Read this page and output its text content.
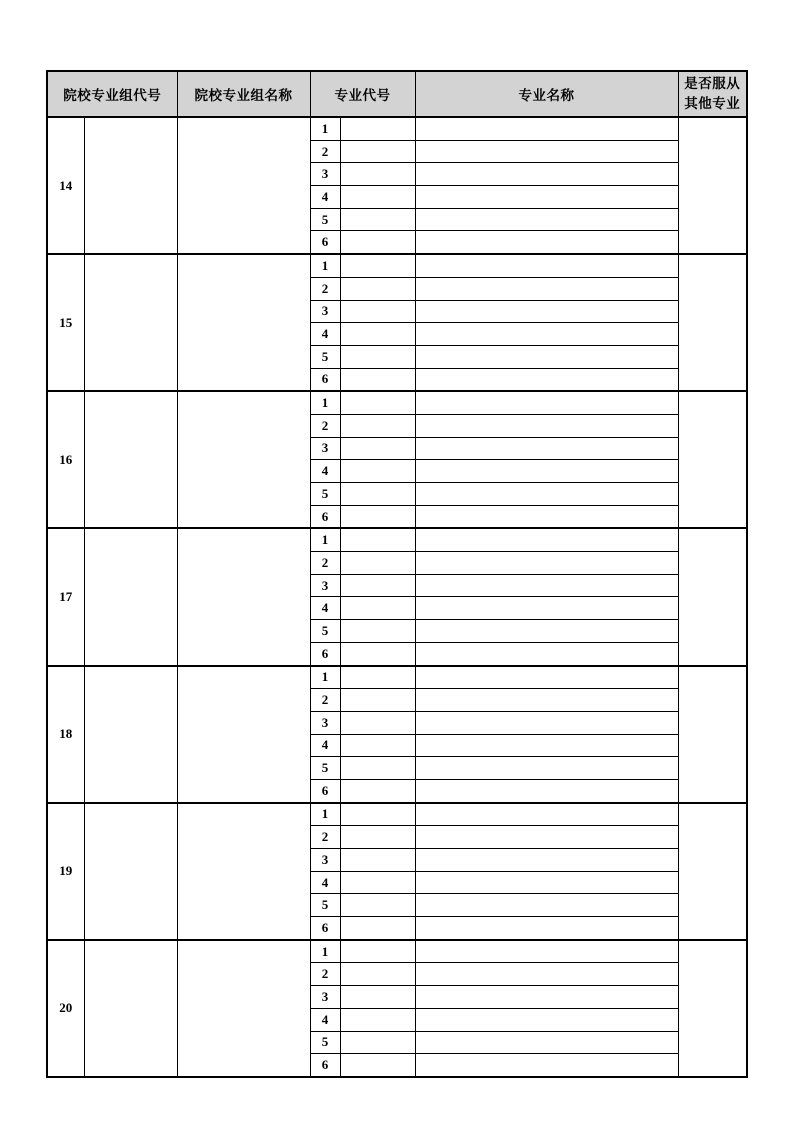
院校专业组代号		院校专业组名称	专业代号		专业名称	是否服从
其他专业

14			1			
			2			
			3			
			4			
			5			
			6			
15			1			
			2			
			3			
			4			
			5			
			6			
16			1			
			2			
			3			
			4			
			5			
			6			
17			1			
			2			
			3			
			4			
			5			
			6			
18			1			
			2			
			3			
			4			
			5			
			6			
19			1			
			2			
			3			
			4			
			5			
			6			
20			1			
			2			
			3			
			4			
			5			
			6			
